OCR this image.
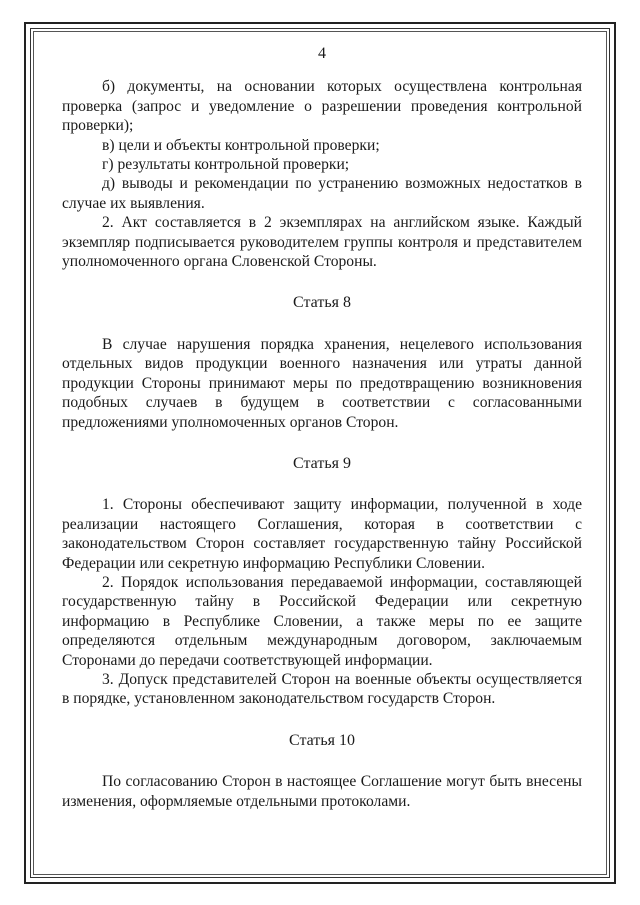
4

б) документы, на основании которых осуществлена контрольная проверка (запрос и уведомление о разрешении проведения контрольной проверки);

в) цели и объекты контрольной проверки;

г) результаты контрольной проверки;

д) выводы и рекомендации по устранению возможных недостатков в случае их выявления.

2. Акт составляется в 2 экземплярах на английском языке. Каждый экземпляр подписывается руководителем группы контроля и представителем уполномоченного органа Словенской Стороны.

Статья 8

В случае нарушения порядка хранения, нецелевого использования отдельных видов продукции военного назначения или утраты данной продукции Стороны принимают меры по предотвращению возникновения подобных случаев в будущем в соответствии с согласованными предложениями уполномоченных органов Сторон.

Статья 9

1. Стороны обеспечивают защиту информации, полученной в ходе реализации настоящего Соглашения, которая в соответствии с законодательством Сторон составляет государственную тайну Российской Федерации или секретную информацию Республики Словении.

2. Порядок использования передаваемой информации, составляющей государственную тайну в Российской Федерации или секретную информацию в Республике Словении, а также меры по ее защите определяются отдельным международным договором, заключаемым Сторонами до передачи соответствующей информации.

3. Допуск представителей Сторон на военные объекты осуществляется в порядке, установленном законодательством государств Сторон.

Статья 10

По согласованию Сторон в настоящее Соглашение могут быть внесены изменения, оформляемые отдельными протоколами.
